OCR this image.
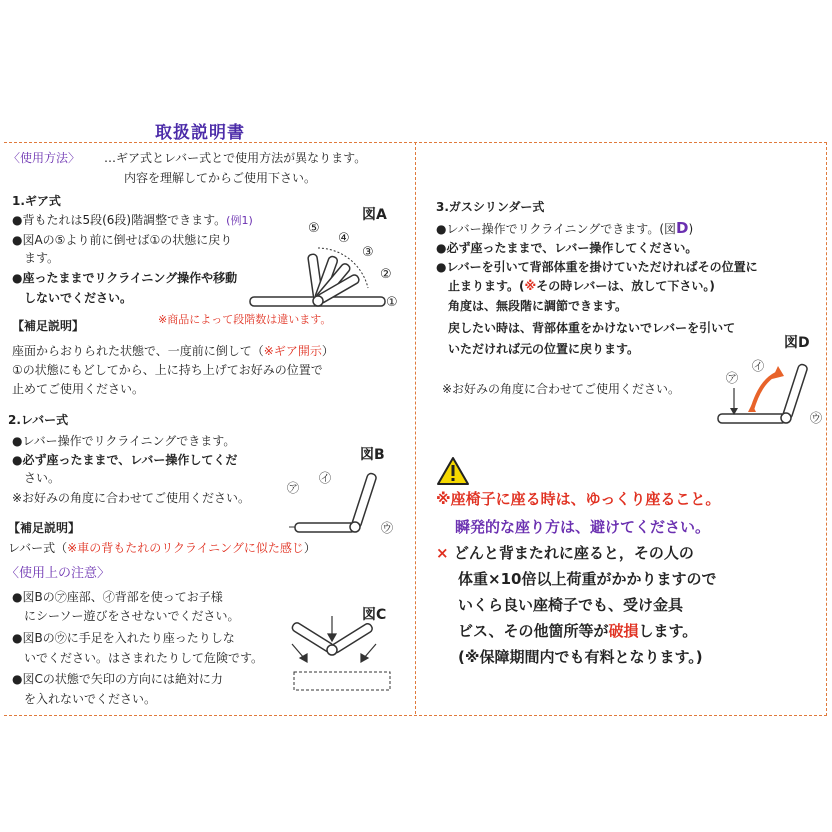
取扱説明書
〈使用方法〉 …ギア式とレバー式とで使用方法が異なります。
内容を理解してからご使用下さい。
1.ギア式
●背もたれは5段(6段)階調整できます。(例1)
●図Aの⑤より前に倒せば①の状態に戻り
ます。
●座ったままでリクライニング操作や移動
しないでください。
※商品によって段階数は違います。
図A
⑤
④
③
②
①
【補足説明】
座面からおりられた状態で、一度前に倒して（※ギア開示）
①の状態にもどしてから、上に持ち上げてお好みの位置で
止めてご使用ください。
2.レバー式
●レバー操作でリクライニングできます。
●必ず座ったままで、レバー操作してくだ
さい。
※お好みの角度に合わせてご使用ください。
図B
㋐
㋑
㋒
【補足説明】
レバー式（※車の背もたれのリクライニングに似た感じ）
〈使用上の注意〉
●図Bの㋐座部、㋑背部を使ってお子様
にシーソー遊びをさせないでください。
●図Bの㋒に手足を入れたり座ったりしな
いでください。はさまれたりして危険です。
●図Cの状態で矢印の方向には絶対に力
を入れないでください。
図C
3.ガスシリンダー式
●レバー操作でリクライニングできます。(図D)
●必ず座ったままで、レバー操作してください。
●レバーを引いて背部体重を掛けていただければその位置に
止まります。(※その時レバーは、放して下さい。)
角度は、無段階に調節できます。
戻したい時は、背部体重をかけないでレバーを引いて
いただければ元の位置に戻ります。
※お好みの角度に合わせてご使用ください。
図D
㋐
㋑
㋒
※座椅子に座る時は、ゆっくり座ること。
瞬発的な座り方は、避けてください。
× どんと背またれに座ると，その人の
体重×10倍以上荷重がかかりますので
いくら良い座椅子でも、受け金具
ビス、その他箇所等が破損します。
(※保障期間内でも有料となります。)
